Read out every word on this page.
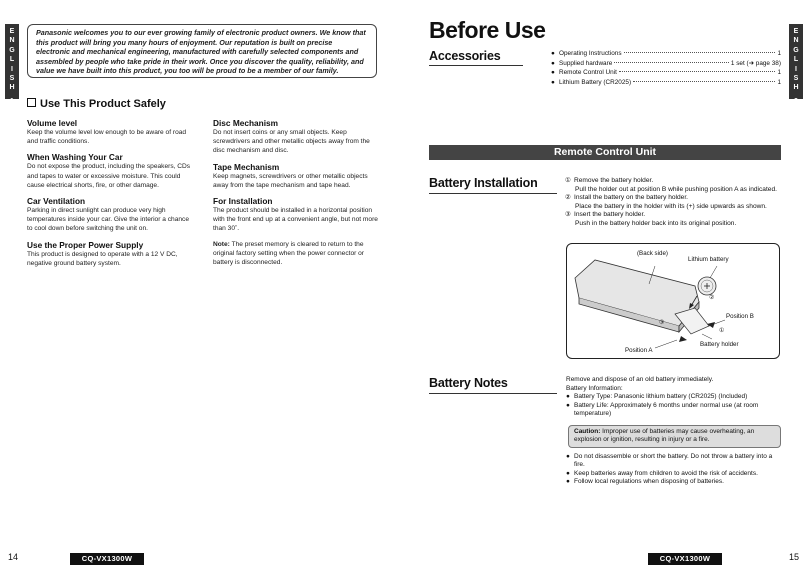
E
N
G
L
I
S
H
1
Panasonic welcomes you to our ever growing family of electronic product owners. We know that this product will bring you many hours of enjoyment. Our reputation is built on precise electronic and mechanical engineering, manufactured with carefully selected components and assembled by people who take pride in their work. Once you discover the quality, reliability, and value we have built into this product, you too will be proud to be a member of our family.
Use This Product Safely
Volume level

Keep the volume level low enough to be aware of road and traffic conditions.

When Washing Your Car

Do not expose the product, including the speakers, CDs and tapes to water or excessive moisture. This could cause electrical shorts, fire, or other damage.

Car Ventilation

Parking in direct sunlight can produce very high temperatures inside your car. Give the interior a chance to cool down before switching the unit on.

Use the Proper Power Supply

This product is designed to operate with a 12 V DC, negative ground battery system.

Disc Mechanism

Do not insert coins or any small objects. Keep screwdrivers and other metallic objects away from the disc mechanism and disc.

Tape Mechanism

Keep magnets, screwdrivers or other metallic objects away from the tape mechanism and tape head.

For Installation

The product should be installed in a horizontal position with the front end up at a convenient angle, but not more than 30˚.

Note: The preset memory is cleared to return to the original factory setting when the power connector or battery is disconnected.

14	CQ-VX1300W
Before Use	E
N
G
L
I
S
H
2
Accessories	● Operating Instructions	1
● Supplied hardware	1 set (➜ page 38)
● Remote Control Unit	1
● Lithium Battery (CR2025)	1
Remote Control Unit
Battery Installation	① Remove the battery holder.
Pull the holder out at position B while pushing position A as indicated.
② Install the battery on the battery holder.
Place the battery in the holder with its (+) side upwards as shown.
③ Insert the battery holder.
Push in the battery holder back into its original position.
(Back side)
Lithium battery
②
Position B
③
①
Battery holder
Position A
Battery Notes	Remove and dispose of an old battery immediately.
Battery Information:
● Battery Type: Panasonic lithium battery (CR2025) (Included)
● Battery Life: Approximately 6 months under normal use (at room temperature)
Caution: Improper use of batteries may cause overheating, an explosion or ignition, resulting in injury or a fire.
● Do not disassemble or short the battery. Do not throw a battery into a fire.
● Keep batteries away from children to avoid the risk of accidents.
● Follow local regulations when disposing of batteries.
CQ-VX1300W	15
